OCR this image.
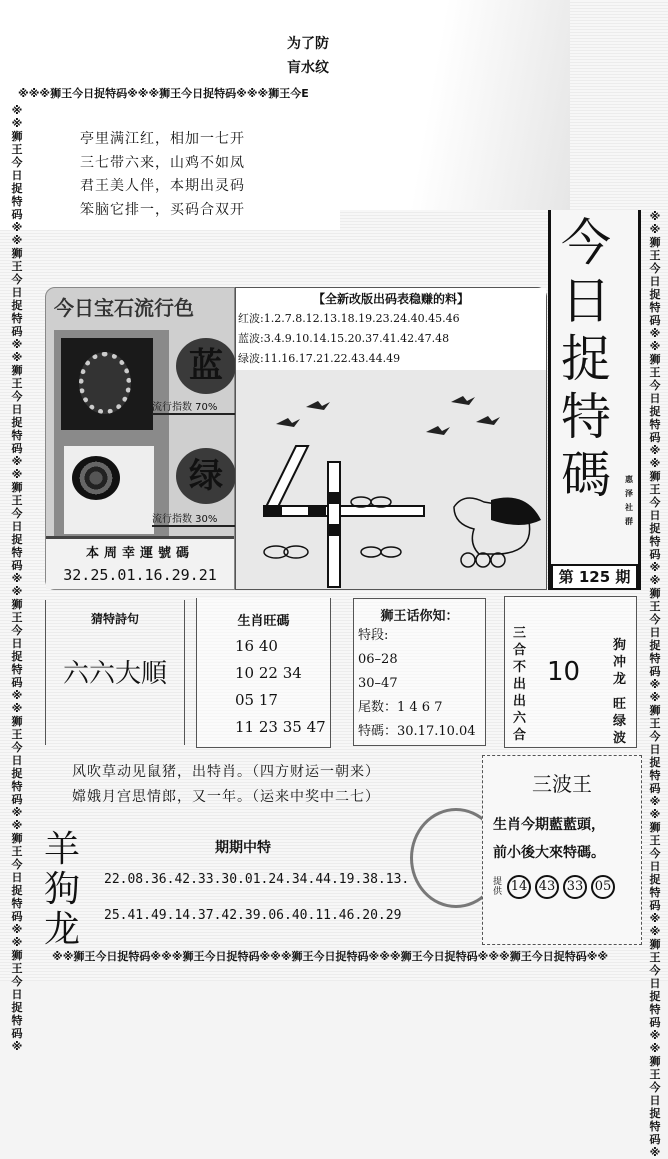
※※狮王今日捉特码※※狮王今日捉特码※※狮王今日捉特码※※狮王今日捉特码※※狮王今日捉特码※※狮王今日捉特码※※狮王今日捉特码※※狮王今日捉特码※
※※狮王今日捉特码※※狮王今日捉特码※※狮王今日捉特码※※狮王今日捉特码※※狮王今日捉特码※※狮王今日捉特码※※狮王今日捉特码※※狮王今日捉特码※
※※※狮王今日捉特码※※※狮王今日捉特码※※※狮王今E
※※狮王今日捉特码※※※狮王今日捉特码※※※狮王今日捉特码※※※狮王今日捉特码※※※狮王今日捉特码※※
为了防
肓水纹
亭里满江红，相加一七开
三七带六来，山鸡不如凤
君王美人伴，本期出灵码
笨脑它排一，买码合双开
今
日
捉
特
碼	惠
泽
社
群
第 125 期
今日宝石流行色
蓝
流行指数 70%
绿
流行指数 30%
本周幸運號碼
32.25.01.16.29.21
【全新改版出码表稳赚的料】
红波:1.2.7.8.12.13.18.19.23.24.40.45.46
蓝波:3.4.9.10.14.15.20.37.41.42.47.48
绿波:11.16.17.21.22.43.44.49
猜特詩句
六六大順
生肖旺碼
16 40
10 22 34
05 17
11 23 35 47
狮王话你知：
特段:
06–28
30–47
尾数：1 4 6 7
特碼：30.17.10.04
三
合
不
出
出
六
合
10
狗
冲
龙
旺
绿
波
风吹草动见鼠猪，出特肖。（四方财运一朝来）
嫦娥月宫思情郎，又一年。（运来中奖中二七）
羊
狗
龙
期期中特
22.08.36.42.33.30.01.24.34.44.19.38.13.
25.41.49.14.37.42.39.06.40.11.46.20.29
三波王
生肖今期藍藍頭，
前小後大來特碼。
提供 14 43 33 05
